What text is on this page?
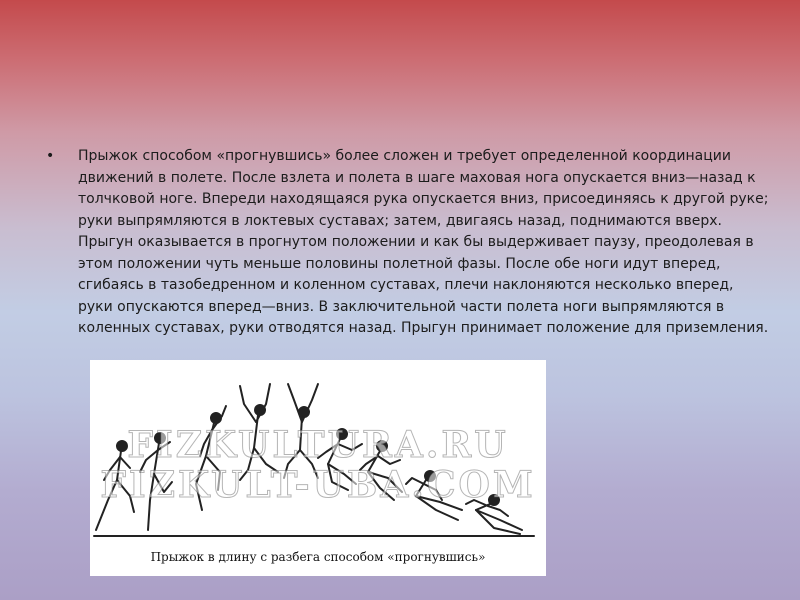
• Прыжок способом «прогнувшись» более сложен и требует определенной координации движений в полете. После взлета и полета в шаге маховая нога опускается вниз—назад к толчковой ноге. Впереди находящаяся рука опускается вниз, присоединяясь к другой руке; руки выпрямляются в локтевых суставах; затем, двигаясь назад, поднимаются вверх. Прыгун оказывается в прогнутом положении и как бы выдерживает паузу, преодолевая в этом положении чуть меньше половины полетной фазы. После обе ноги идут вперед, сгибаясь в тазобедренном и коленном суставах, плечи наклоняются несколько вперед, руки опускаются вперед—вниз. В заключительной части полета ноги выпрямляются в коленных суставах, руки отводятся назад. Прыгун принимает положение для приземления.

FIZKULTURA.RU
FIZKULT-UBA.COM
Прыжок в длину с разбега способом «прогнувшись»
